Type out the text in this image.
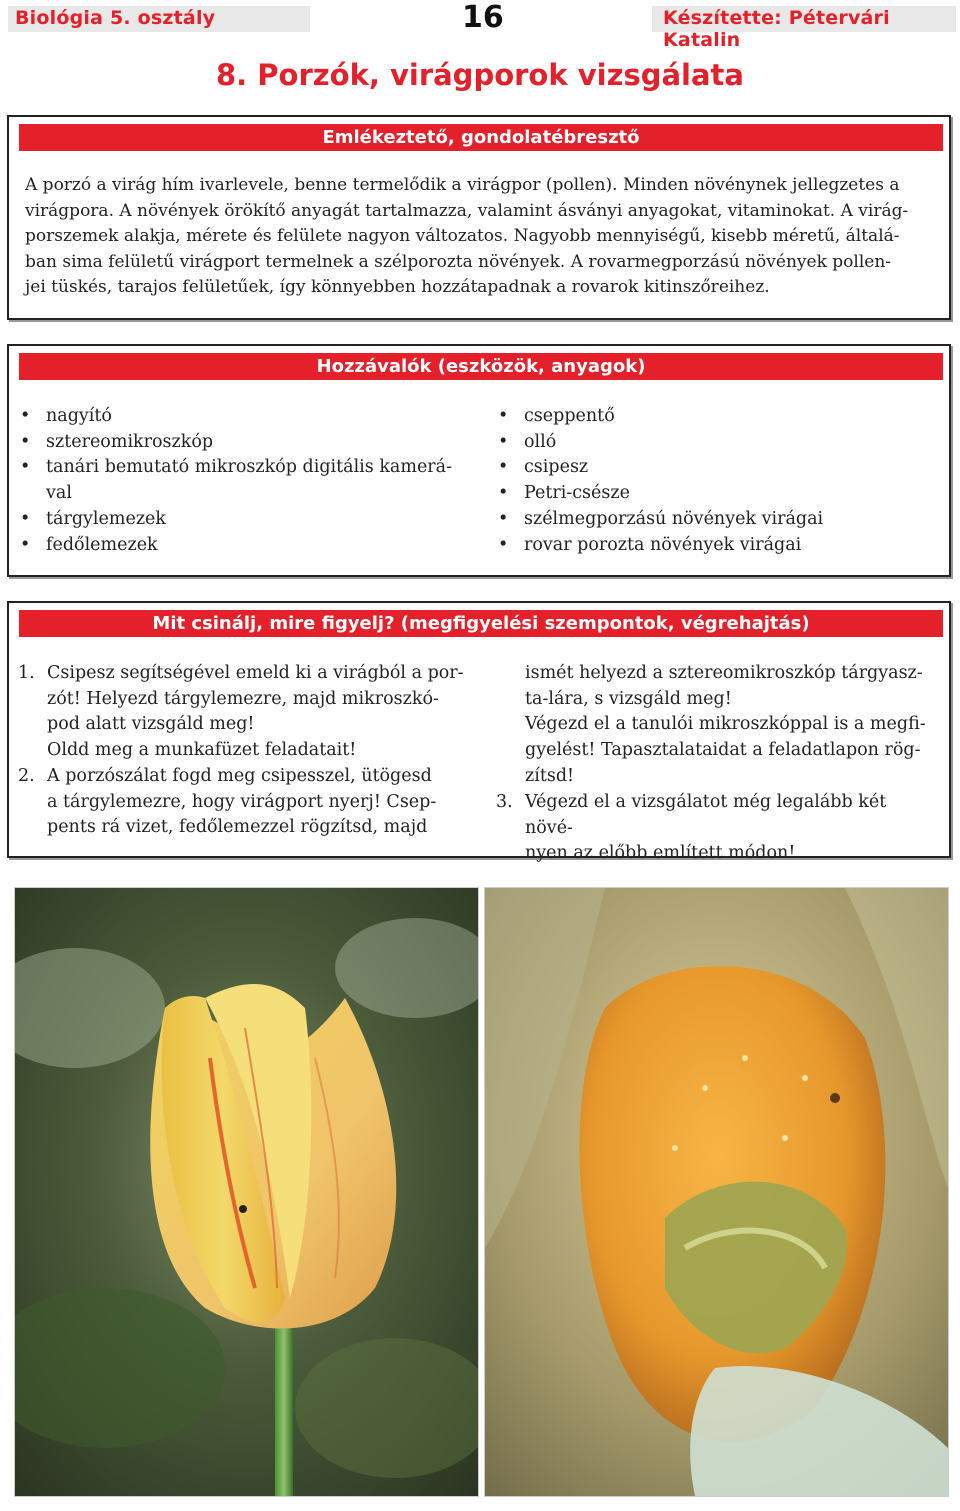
Biológia 5. osztály	16	Készítette: Pétervári Katalin
8. Porzók, virágporok vizsgálata
Emlékeztető, gondolatébresztő
A porzó a virág hím ivarlevele, benne termelődik a virágpor (pollen). Minden növénynek jellegzetes a
virágpora. A növények örökítő anyagát tartalmazza, valamint ásványi anyagokat, vitaminokat. A virág-
porszemek alakja, mérete és felülete nagyon változatos. Nagyobb mennyiségű, kisebb méretű, általá-
ban sima felületű virágport termelnek a szélporozta növények. A rovarmegporzású növények pollen-
jei tüskés, tarajos felületűek, így könnyebben hozzátapadnak a rovarok kitinszőreihez.
Hozzávalók (eszközök, anyagok)
• nagyító
• sztereomikroszkóp
• tanári bemutató mikroszkóp digitális kamerá-
val
• tárgylemezek
• fedőlemezek
• cseppentő
• olló
• csipesz
• Petri-csésze
• szélmegporzású növények virágai
• rovar porozta növények virágai
Mit csinálj, mire figyelj? (megfigyelési szempontok, végrehajtás)
1. Csipesz segítségével emeld ki a virágból a por-
zót! Helyezd tárgylemezre, majd mikroszkó-
pod alatt vizsgáld meg!
Oldd meg a munkafüzet feladatait!
2. A porzószálat fogd meg csipesszel, ütögesd
a tárgylemezre, hogy virágport nyerj! Csep-
pents rá vizet, fedőlemezzel rögzítsd, majd
ismét helyezd a sztereomikroszkóp tárgyasz-
ta-lára, s vizsgáld meg!
Végezd el a tanulói mikroszkóppal is a megfi-
gyelést! Tapasztalataidat a feladatlapon rög-
zítsd!
3. Végezd el a vizsgálatot még legalább két növé-
nyen az előbb említett módon!
